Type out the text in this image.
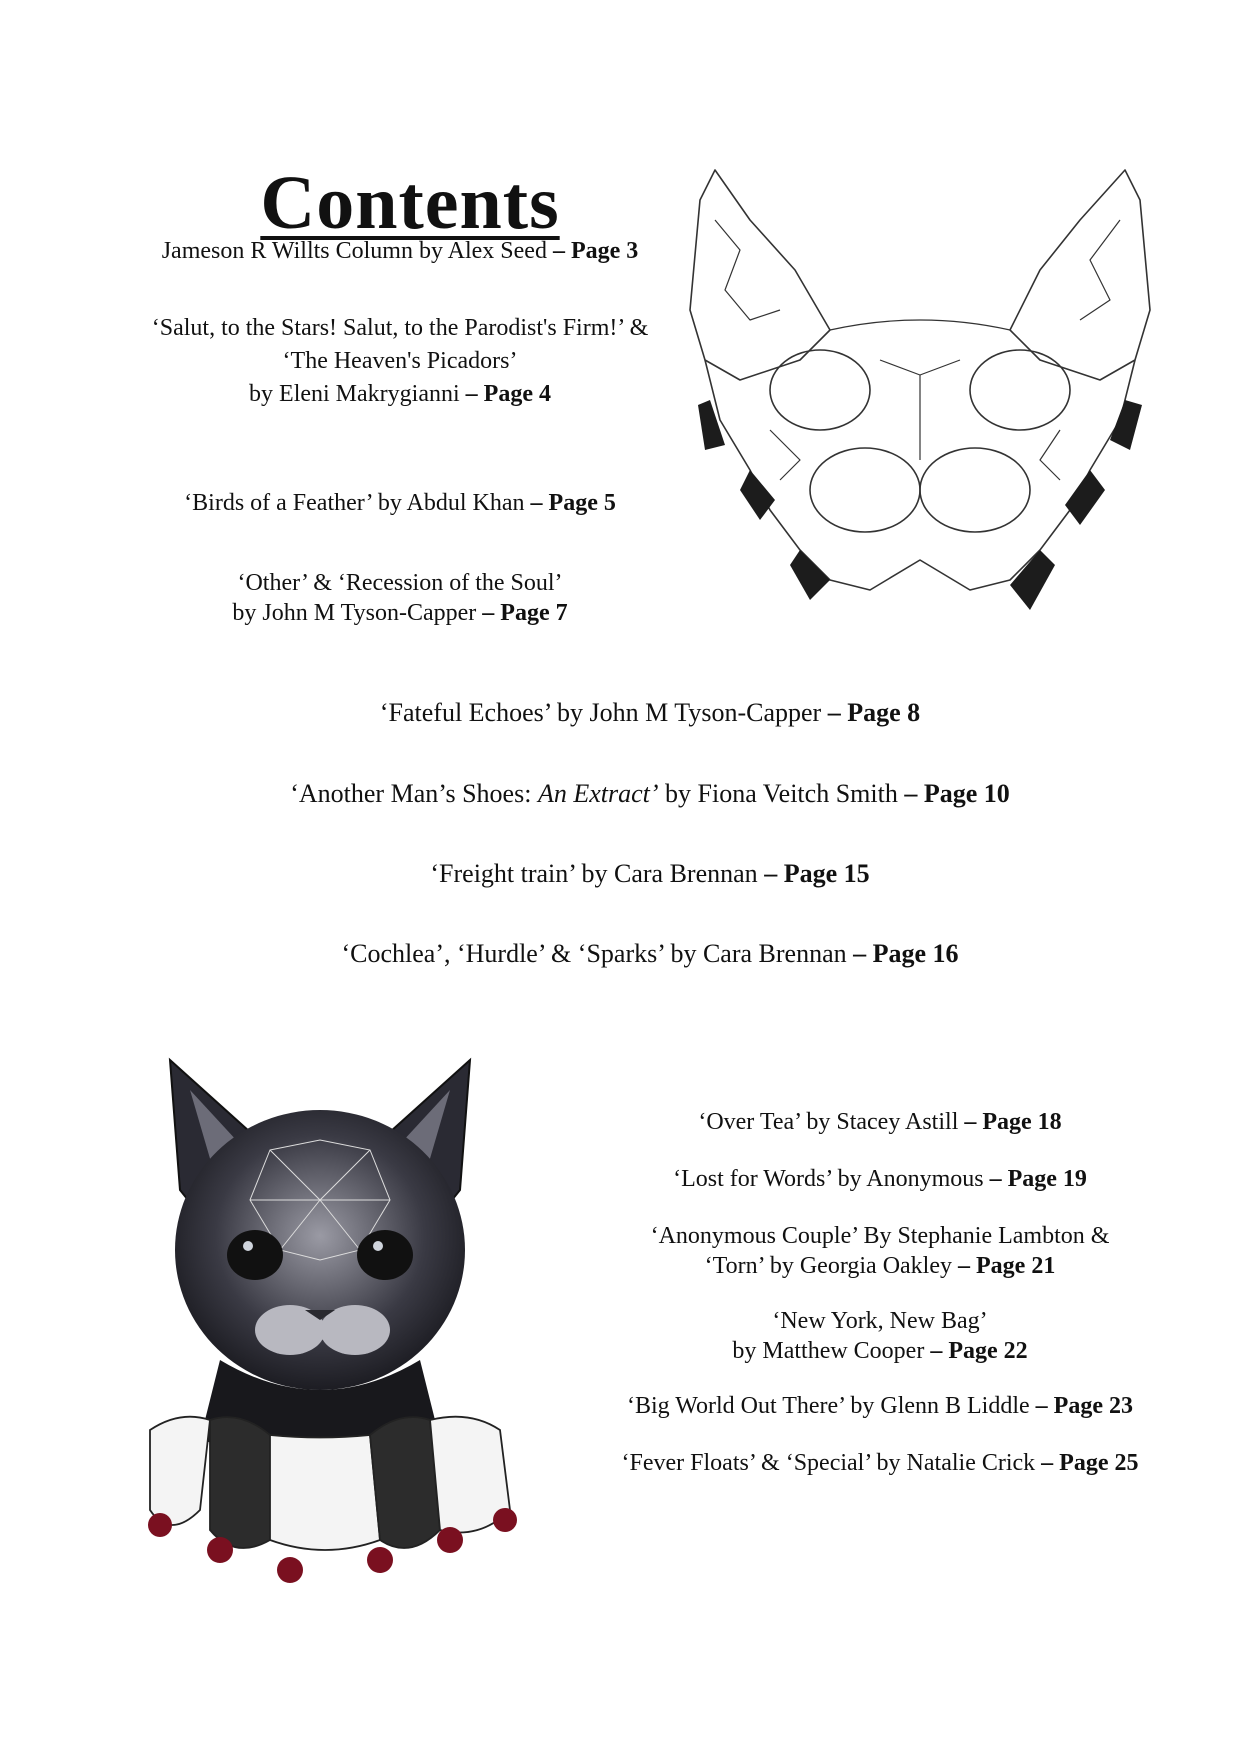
Contents
Jameson R Willts Column by Alex Seed – Page 3
‘Salut, to the Stars! Salut, to the Parodist's Firm!’ &
‘The Heaven's Picadors’
by Eleni Makrygianni – Page 4
‘Birds of a Feather’ by Abdul Khan – Page 5
‘Other’ & ‘Recession of the Soul’
by John M Tyson-Capper – Page 7
‘Fateful Echoes’ by John M Tyson-Capper – Page 8
‘Another Man’s Shoes: An Extract’ by Fiona Veitch Smith – Page 10
‘Freight train’ by Cara Brennan – Page 15
‘Cochlea’, ‘Hurdle’ & ‘Sparks’ by Cara Brennan – Page 16
‘Over Tea’ by Stacey Astill – Page 18
‘Lost for Words’ by Anonymous – Page 19
‘Anonymous Couple’ By Stephanie Lambton &
‘Torn’ by Georgia Oakley – Page 21
‘New York, New Bag’
by Matthew Cooper – Page 22
‘Big World Out There’ by Glenn B Liddle – Page 23
‘Fever Floats’ & ‘Special’ by Natalie Crick – Page 25
